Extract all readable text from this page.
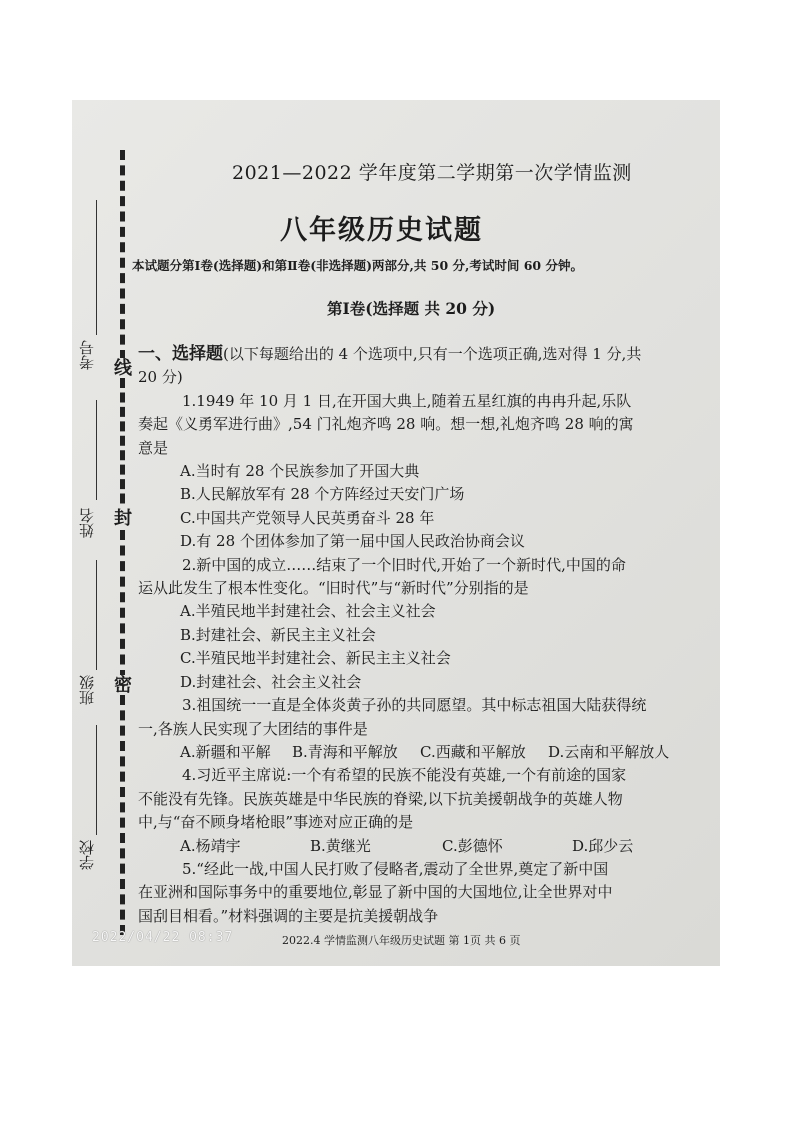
线
封
密
考号
姓名
班级
学校
2021—2022 学年度第二学期第一次学情监测
八年级历史试题
本试题分第Ⅰ卷(选择题)和第Ⅱ卷(非选择题)两部分,共 50 分,考试时间 60 分钟。
第Ⅰ卷(选择题 共 20 分)

一、选择题(以下每题给出的 4 个选项中,只有一个选项正确,选对得 1 分,共

20 分)

1.1949 年 10 月 1 日,在开国大典上,随着五星红旗的冉冉升起,乐队

奏起《义勇军进行曲》,54 门礼炮齐鸣 28 响。想一想,礼炮齐鸣 28 响的寓

意是

A.当时有 28 个民族参加了开国大典

B.人民解放军有 28 个方阵经过天安门广场

C.中国共产党领导人民英勇奋斗 28 年

D.有 28 个团体参加了第一届中国人民政治协商会议

2.新中国的成立……结束了一个旧时代,开始了一个新时代,中国的命

运从此发生了根本性变化。“旧时代”与“新时代”分别指的是

A.半殖民地半封建社会、社会主义社会

B.封建社会、新民主主义社会

C.半殖民地半封建社会、新民主主义社会

D.封建社会、社会主义社会

3.祖国统一一直是全体炎黄子孙的共同愿望。其中标志祖国大陆获得统

一,各族人民实现了大团结的事件是

A.新疆和平解	B.青海和平解放	C.西藏和平解放	D.云南和平解放人

4.习近平主席说:一个有希望的民族不能没有英雄,一个有前途的国家

不能没有先锋。民族英雄是中华民族的脊梁,以下抗美援朝战争的英雄人物

中,与“奋不顾身堵枪眼”事迹对应正确的是

A.杨靖宇	B.黄继光	C.彭德怀	D.邱少云

5.“经此一战,中国人民打败了侵略者,震动了全世界,奠定了新中国

在亚洲和国际事务中的重要地位,彰显了新中国的大国地位,让全世界对中

国刮目相看。”材料强调的主要是抗美援朝战争

2022.4 学情监测八年级历史试题 第 1页 共 6 页
2022/04/22 08:37
